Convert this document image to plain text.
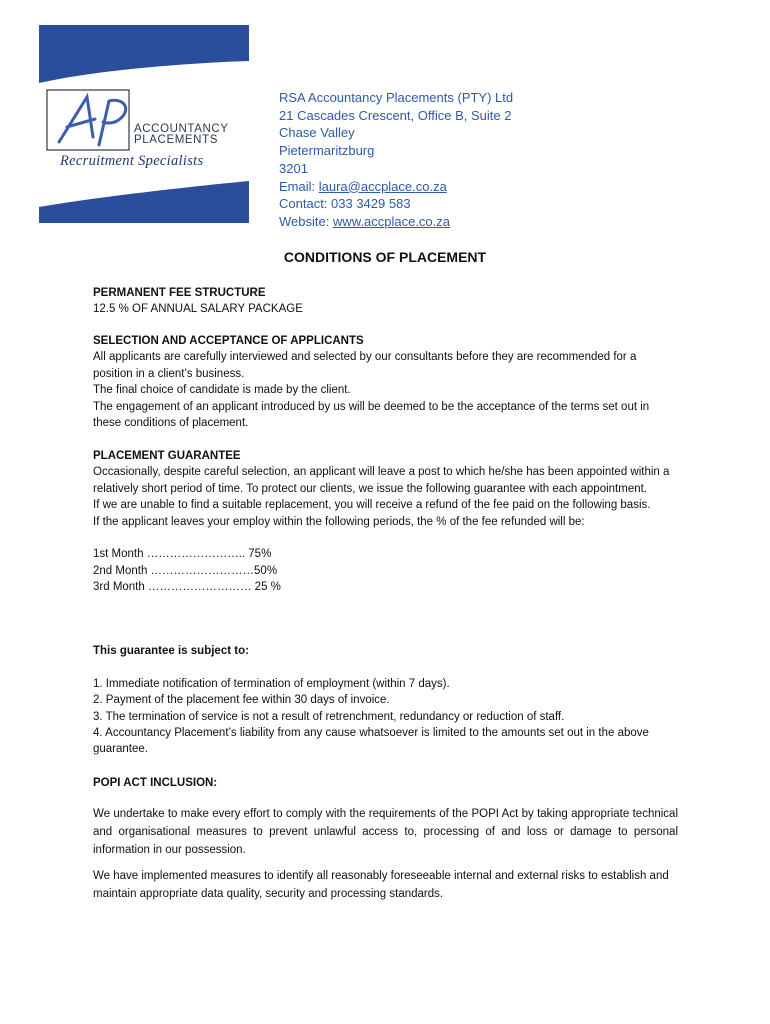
ACCOUNTANCY
PLACEMENTS
Recruitment Specialists
RSA Accountancy Placements (PTY) Ltd
21 Cascades Crescent, Office B, Suite 2
Chase Valley
Pietermaritzburg
3201
Email: laura@accplace.co.za
Contact: 033 3429 583
Website: www.accplace.co.za
CONDITIONS OF PLACEMENT
PERMANENT FEE STRUCTURE
12.5 % OF ANNUAL SALARY PACKAGE
SELECTION AND ACCEPTANCE OF APPLICANTS
All applicants are carefully interviewed and selected by our consultants before they are recommended for a position in a client’s business.
The final choice of candidate is made by the client.
The engagement of an applicant introduced by us will be deemed to be the acceptance of the terms set out in these conditions of placement.
PLACEMENT GUARANTEE
Occasionally, despite careful selection, an applicant will leave a post to which he/she has been appointed within a relatively short period of time. To protect our clients, we issue the following guarantee with each appointment.
If we are unable to find a suitable replacement, you will receive a refund of the fee paid on the following basis.
If the applicant leaves your employ within the following periods, the % of the fee refunded will be:
1st Month …………………….. 75%
2nd Month ………………………50%
3rd Month ……………………… 25 %
This guarantee is subject to:
1. Immediate notification of termination of employment (within 7 days).
2. Payment of the placement fee within 30 days of invoice.
3. The termination of service is not a result of retrenchment, redundancy or reduction of staff.
4. Accountancy Placement’s liability from any cause whatsoever is limited to the amounts set out in the above guarantee.
POPI ACT INCLUSION:
We undertake to make every effort to comply with the requirements of the POPI Act by taking appropriate technical and organisational measures to prevent unlawful access to, processing of and loss or damage to personal information in our possession.
We have implemented measures to identify all reasonably foreseeable internal and external risks to establish and maintain appropriate data quality, security and processing standards.
